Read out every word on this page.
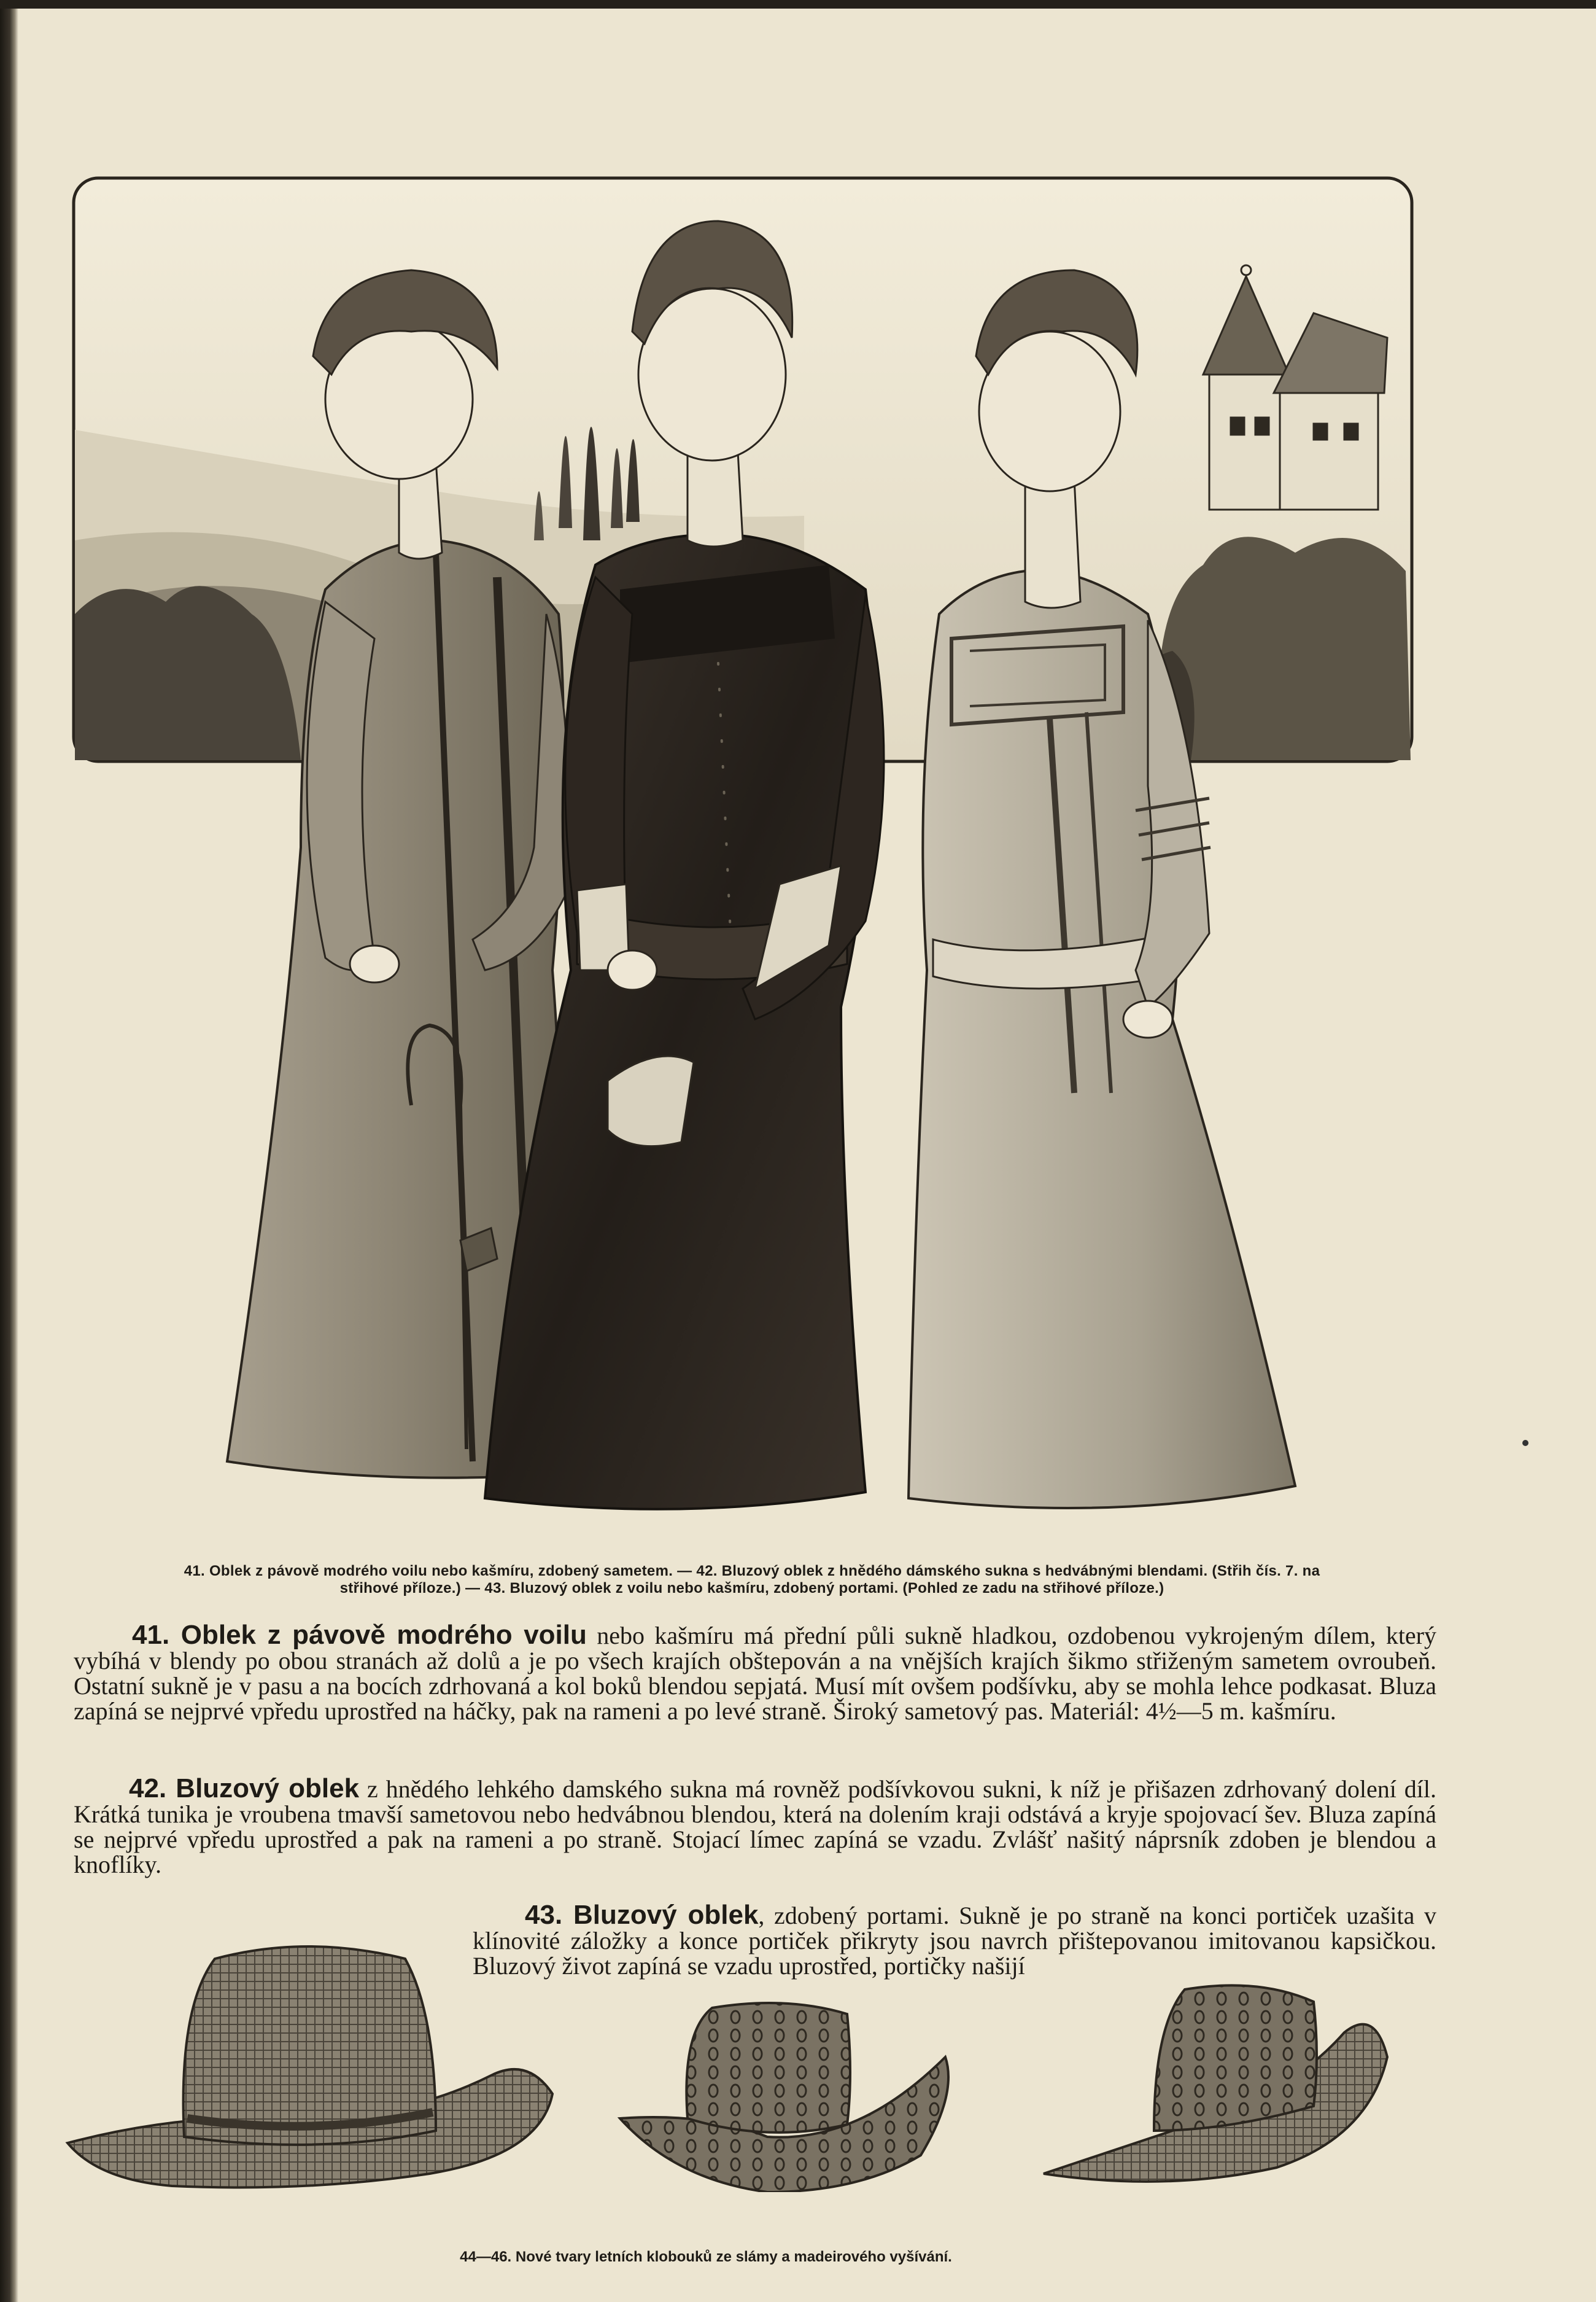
41. Oblek z pávově modrého voilu nebo kašmíru, zdobený sametem. — 42. Bluzový oblek z hnědého dámského sukna s hedvábnými blendami. (Střih čís. 7. na
střihové příloze.) — 43. Bluzový oblek z voilu nebo kašmíru, zdobený portami. (Pohled ze zadu na střihové příloze.)

41. Oblek z pávově modrého voilu nebo kašmíru má přední půli sukně hladkou, ozdobenou vykrojeným dílem, který vybíhá v blendy po obou stranách až dolů a je po všech krajích obštepován a na vnějších krajích šikmo střiženým sametem ovroubeň. Ostatní sukně je v pasu a na bocích zdrhovaná a kol boků blendou sepjatá. Musí mít ovšem podšívku, aby se mohla lehce podkasat. Bluza zapíná se nejprvé vpředu uprostřed na háčky, pak na rameni a po levé straně. Široký sametový pas. Materiál: 4½—5 m. kašmíru.

42. Bluzový oblek z hnědého lehkého damského sukna má rovněž podšívkovou sukni, k níž je přišazen zdrhovaný dolení díl. Krátká tunika je vroubena tmavší sametovou nebo hedvábnou blendou, která na dolením kraji odstává a kryje spojovací šev. Bluza zapíná se nejprvé vpředu uprostřed a pak na rameni a po straně. Stojací límec zapíná se vzadu. Zvlášť našitý náprsník zdoben je blendou a knoflíky.

43. Bluzový oblek, zdobený portami. Sukně je po straně na konci portiček uzašita v klínovité záložky a konce portiček přikryty jsou navrch přištepovanou imitovanou kapsičkou. Bluzový život zapíná se vzadu uprostřed, portičky našijí

44—46. Nové tvary letních klobouků ze slámy a madeirového vyšívání.
